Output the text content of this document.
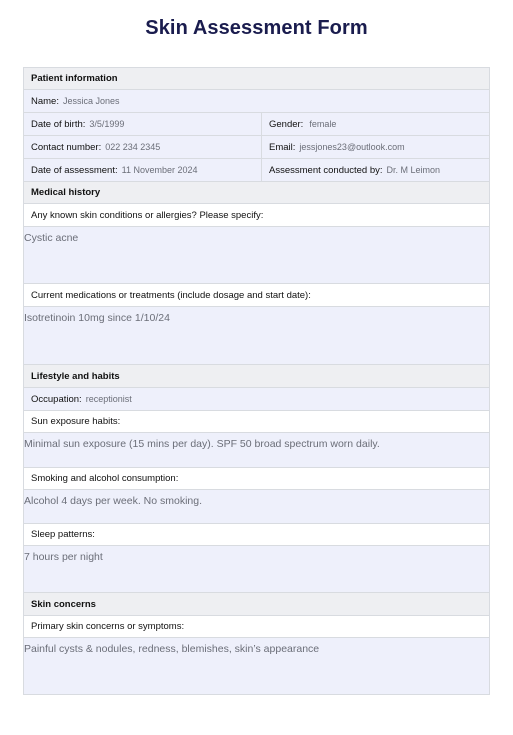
Skin Assessment Form
Patient information
Name: Jessica Jones
Date of birth: 3/5/1999	Gender: female
Contact number: 022 234 2345	Email: jessjones23@outlook.com
Date of assessment: 11 November 2024	Assessment conducted by: Dr. M Leimon
Medical history
Any known skin conditions or allergies? Please specify:
Cystic acne
Current medications or treatments (include dosage and start date):
Isotretinoin 10mg since 1/10/24
Lifestyle and habits
Occupation: receptionist
Sun exposure habits:
Minimal sun exposure (15 mins per day). SPF 50 broad spectrum worn daily.
Smoking and alcohol consumption:
Alcohol 4 days per week. No smoking.
Sleep patterns:
7 hours per night
Skin concerns
Primary skin concerns or symptoms:
Painful cysts & nodules, redness, blemishes, skin’s appearance
